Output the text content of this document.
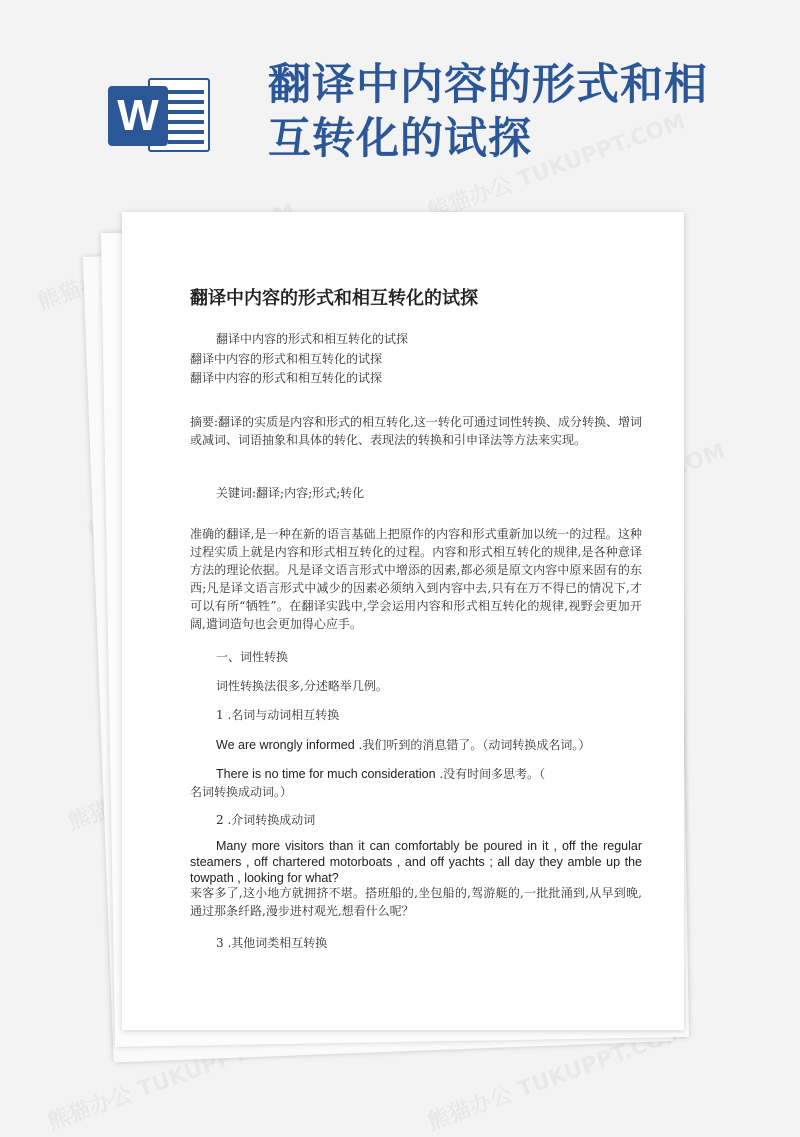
W
翻译中内容的形式和相互转化的试探
翻译中内容的形式和相互转化的试探
翻译中内容的形式和相互转化的试探
翻译中内容的形式和相互转化的试探
翻译中内容的形式和相互转化的试探
摘要:翻译的实质是内容和形式的相互转化,这一转化可通过词性转换、成分转换、增词或减词、词语抽象和具体的转化、表现法的转换和引申译法等方法来实现。
关键词:翻译;内容;形式;转化
准确的翻译,是一种在新的语言基础上把原作的内容和形式重新加以统一的过程。这种过程实质上就是内容和形式相互转化的过程。内容和形式相互转化的规律,是各种意译方法的理论依据。凡是译文语言形式中增添的因素,都必须是原文内容中原来固有的东西;凡是译文语言形式中减少的因素必须纳入到内容中去,只有在万不得已的情况下,才可以有所“牺牲”。在翻译实践中,学会运用内容和形式相互转化的规律,视野会更加开阔,遣词造句也会更加得心应手。
一、词性转换
词性转换法很多,分述略举几例。
1 .名词与动词相互转换
We are wrongly informed .我们听到的消息错了。（动词转换成名词。）
There is no time for much consideration .没有时间多思考。（
名词转换成动词。）
2 .介词转换成动词
Many more visitors than it can comfortably be poured in it , off the regular steamers , off chartered motorboats , and off yachts ; all day they amble up the towpath , looking for what?
来客多了,这小地方就拥挤不堪。搭班船的,坐包船的,驾游艇的,一批批涌到,从早到晚,通过那条纤路,漫步进村观光,想看什么呢？
3 .其他词类相互转换
